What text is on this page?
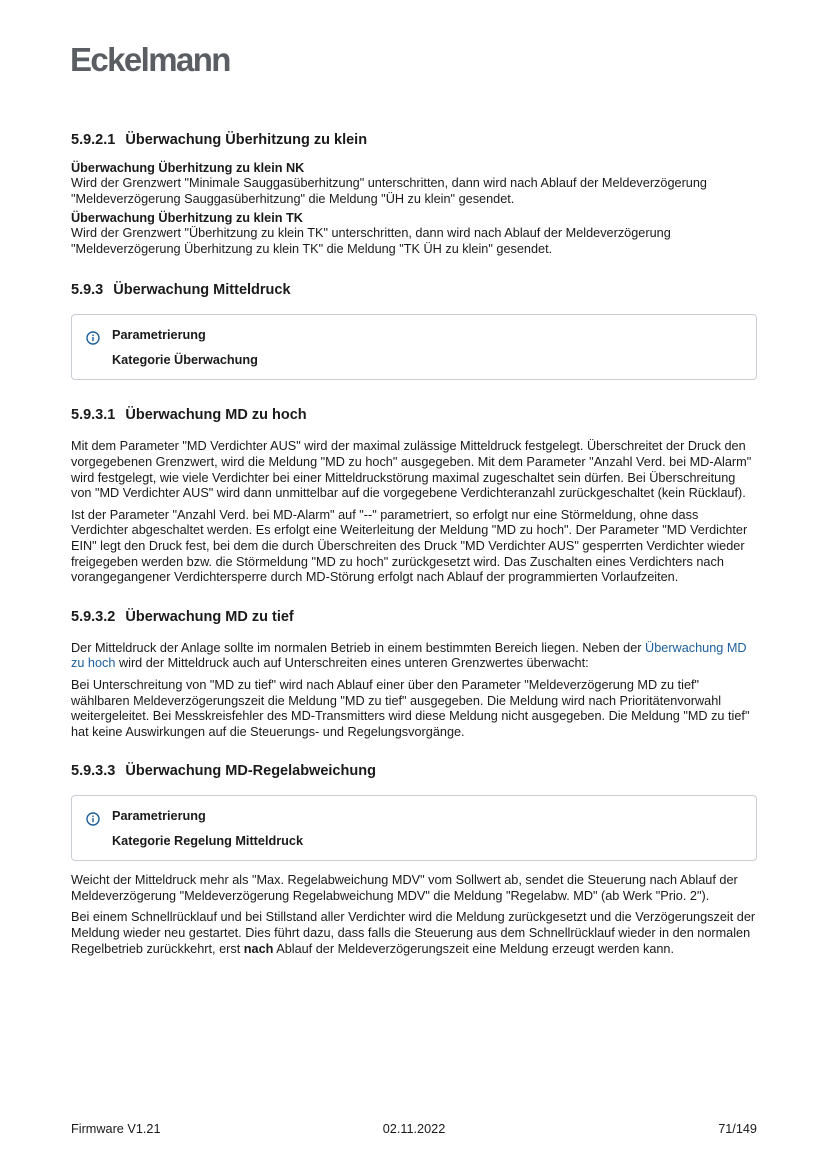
Eckelmann
5.9.2.1 Überwachung Überhitzung zu klein
Überwachung Überhitzung zu klein NK

Wird der Grenzwert "Minimale Sauggasüberhitzung" unterschritten, dann wird nach Ablauf der Meldeverzögerung "Meldeverzögerung Sauggasüberhitzung" die Meldung "ÜH zu klein" gesendet.

Überwachung Überhitzung zu klein TK

Wird der Grenzwert "Überhitzung zu klein TK" unterschritten, dann wird nach Ablauf der Meldeverzögerung "Meldeverzögerung Überhitzung zu klein TK" die Meldung "TK ÜH zu klein" gesendet.

5.9.3 Überwachung Mitteldruck
Parametrierung
Kategorie Überwachung
5.9.3.1 Überwachung MD zu hoch

Mit dem Parameter "MD Verdichter AUS" wird der maximal zulässige Mitteldruck festgelegt. Überschreitet der Druck den vorgegebenen Grenzwert, wird die Meldung "MD zu hoch" ausgegeben. Mit dem Parameter "Anzahl Verd. bei MD-Alarm" wird festgelegt, wie viele Verdichter bei einer Mitteldruckstörung maximal zugeschaltet sein dürfen. Bei Überschreitung von "MD Verdichter AUS" wird dann unmittelbar auf die vorgegebene Verdichteranzahl zurückgeschaltet (kein Rücklauf).

Ist der Parameter "Anzahl Verd. bei MD-Alarm" auf "--" parametriert, so erfolgt nur eine Störmeldung, ohne dass Verdichter abgeschaltet werden. Es erfolgt eine Weiterleitung der Meldung "MD zu hoch". Der Parameter "MD Verdichter EIN" legt den Druck fest, bei dem die durch Überschreiten des Druck "MD Verdichter AUS" gesperrten Verdichter wieder freigegeben werden bzw. die Störmeldung "MD zu hoch" zurückgesetzt wird. Das Zuschalten eines Verdichters nach vorangegangener Verdichtersperre durch MD-Störung erfolgt nach Ablauf der programmierten Vorlaufzeiten.

5.9.3.2 Überwachung MD zu tief

Der Mitteldruck der Anlage sollte im normalen Betrieb in einem bestimmten Bereich liegen. Neben der Überwachung MD zu hoch wird der Mitteldruck auch auf Unterschreiten eines unteren Grenzwertes überwacht:

Bei Unterschreitung von "MD zu tief" wird nach Ablauf einer über den Parameter "Meldeverzögerung MD zu tief" wählbaren Meldeverzögerungszeit die Meldung "MD zu tief" ausgegeben. Die Meldung wird nach Prioritätenvorwahl weitergeleitet. Bei Messkreisfehler des MD-Transmitters wird diese Meldung nicht ausgegeben. Die Meldung "MD zu tief" hat keine Auswirkungen auf die Steuerungs- und Regelungsvorgänge.

5.9.3.3 Überwachung MD-Regelabweichung
Parametrierung
Kategorie Regelung Mitteldruck

Weicht der Mitteldruck mehr als "Max. Regelabweichung MDV" vom Sollwert ab, sendet die Steuerung nach Ablauf der Meldeverzögerung "Meldeverzögerung Regelabweichung MDV" die Meldung "Regelabw. MD" (ab Werk "Prio. 2").

Bei einem Schnellrücklauf und bei Stillstand aller Verdichter wird die Meldung zurückgesetzt und die Verzögerungszeit der Meldung wieder neu gestartet. Dies führt dazu, dass falls die Steuerung aus dem Schnellrücklauf wieder in den normalen Regelbetrieb zurückkehrt, erst nach Ablauf der Meldeverzögerungszeit eine Meldung erzeugt werden kann.

Firmware V1.21	02.11.2022	71/149
